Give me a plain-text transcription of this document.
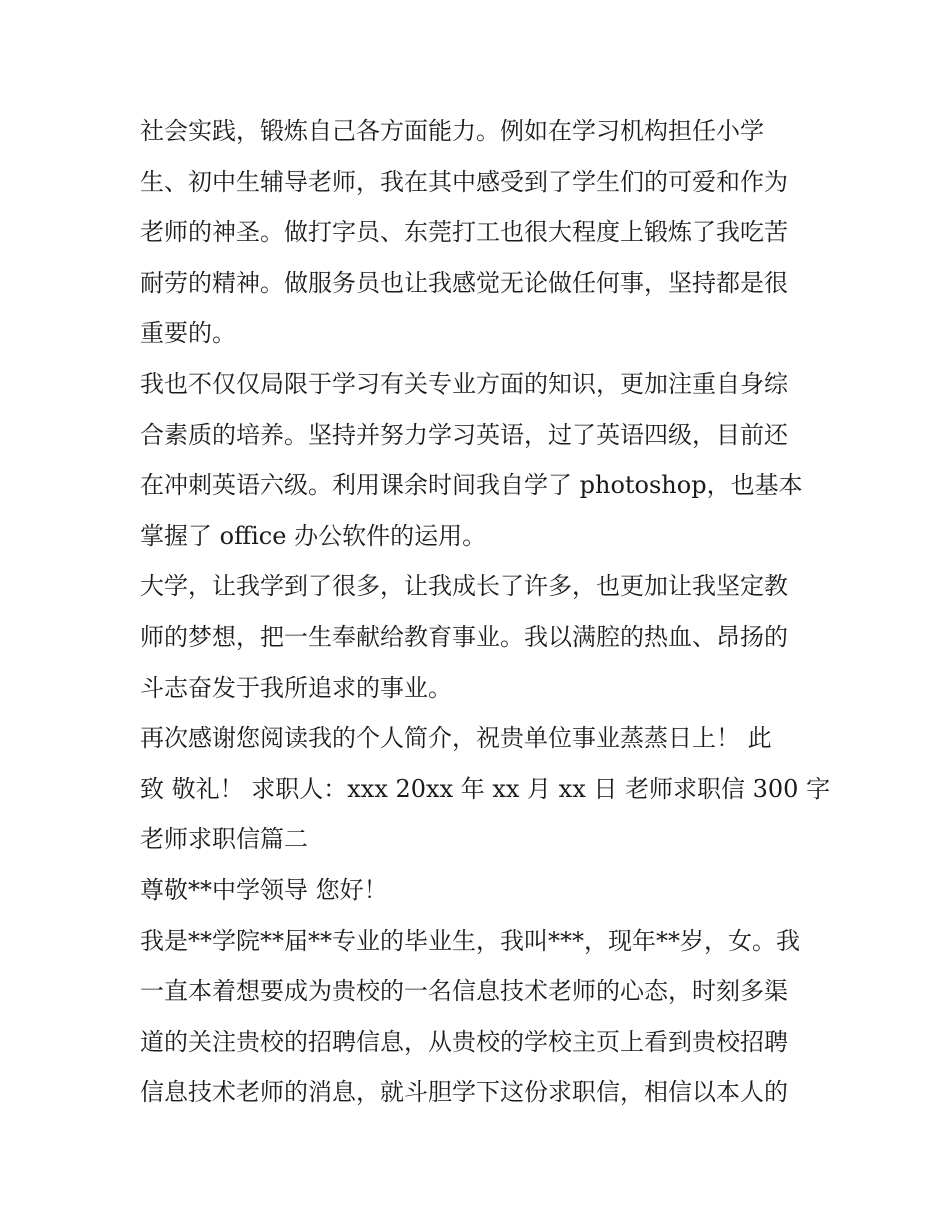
社会实践，锻炼自己各方面能力。例如在学习机构担任小学
生、初中生辅导老师，我在其中感受到了学生们的可爱和作为
老师的神圣。做打字员、东莞打工也很大程度上锻炼了我吃苦
耐劳的精神。做服务员也让我感觉无论做任何事，坚持都是很
重要的。
我也不仅仅局限于学习有关专业方面的知识，更加注重自身综
合素质的培养。坚持并努力学习英语，过了英语四级，目前还
在冲刺英语六级。利用课余时间我自学了 photoshop，也基本
掌握了 office 办公软件的运用。
大学，让我学到了很多，让我成长了许多，也更加让我坚定教
师的梦想，把一生奉献给教育事业。我以满腔的热血、昂扬的
斗志奋发于我所追求的事业。
再次感谢您阅读我的个人简介，祝贵单位事业蒸蒸日上！ 此
致 敬礼！ 求职人：xxx 20xx 年 xx 月 xx 日 老师求职信 300 字
老师求职信篇二
尊敬**中学领导 您好！
我是**学院**届**专业的毕业生，我叫***，现年**岁，女。我
一直本着想要成为贵校的一名信息技术老师的心态，时刻多渠
道的关注贵校的招聘信息，从贵校的学校主页上看到贵校招聘
信息技术老师的消息，就斗胆学下这份求职信，相信以本人的
